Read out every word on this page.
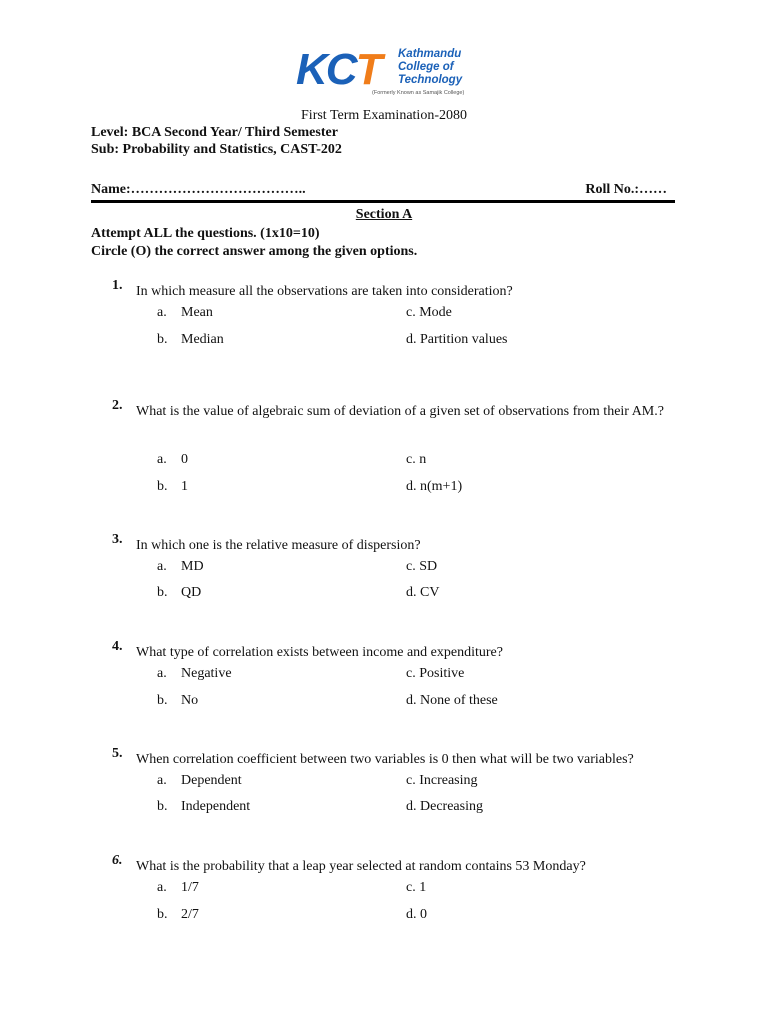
KCT Kathmandu
College of
Technology
(Formerly Known as Samajik College)
First Term Examination-2080
Level: BCA Second Year/ Third Semester
Sub: Probability and Statistics, CAST-202
Name:………………………………..	Roll No.:……
Section A
Attempt ALL the questions. (1x10=10)
Circle (O) the correct answer among the given options.
1. In which measure all the observations are taken into consideration?
a. Mean
b. Median
c. Mode
d. Partition values
2. What is the value of algebraic sum of deviation of a given set of observations from their AM.?
a. 0
b. 1
c. n
d. n(m+1)
3. In which one is the relative measure of dispersion?
a. MD
b. QD
c. SD
d. CV
4. What type of correlation exists between income and expenditure?
a. Negative
b. No
c. Positive
d. None of these
5. When correlation coefficient between two variables is 0 then what will be two variables?
a. Dependent
b. Independent
c. Increasing
d. Decreasing
6. What is the probability that a leap year selected at random contains 53 Monday?
a. 1/7
b. 2/7
c. 1
d. 0
